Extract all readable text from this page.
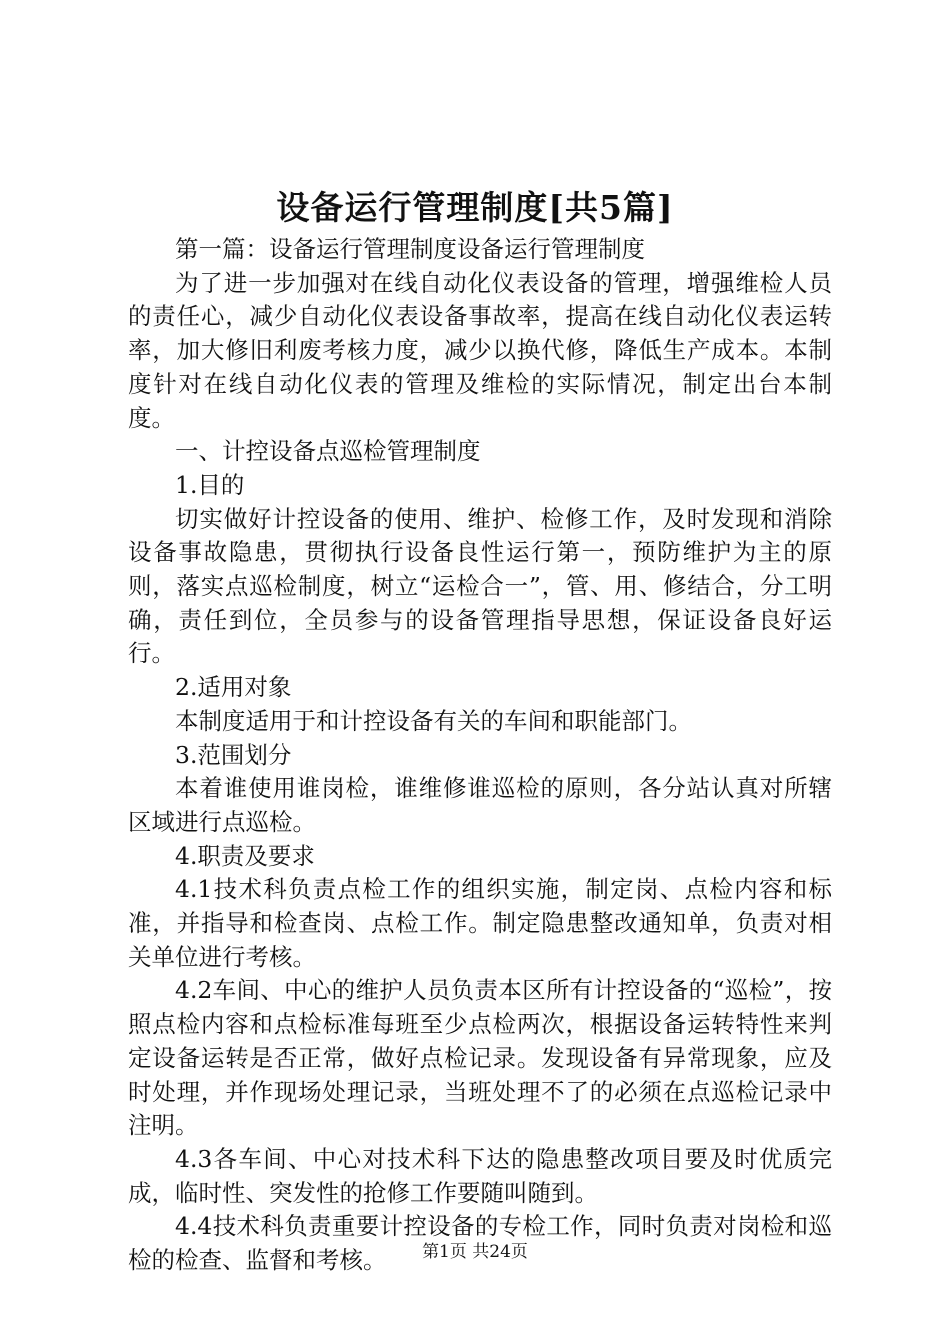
设备运行管理制度[共5篇]

第一篇：设备运行管理制度设备运行管理制度

为了进一步加强对在线自动化仪表设备的管理，增强维检人员的责任心，减少自动化仪表设备事故率，提高在线自动化仪表运转率，加大修旧利废考核力度，减少以换代修，降低生产成本。本制度针对在线自动化仪表的管理及维检的实际情况，制定出台本制度。

一、计控设备点巡检管理制度

1.目的

切实做好计控设备的使用、维护、检修工作，及时发现和消除设备事故隐患，贯彻执行设备良性运行第一，预防维护为主的原则，落实点巡检制度，树立“运检合一”，管、用、修结合，分工明确，责任到位，全员参与的设备管理指导思想，保证设备良好运行。

2.适用对象

本制度适用于和计控设备有关的车间和职能部门。

3.范围划分

本着谁使用谁岗检，谁维修谁巡检的原则，各分站认真对所辖区域进行点巡检。

4.职责及要求

4.1技术科负责点检工作的组织实施，制定岗、点检内容和标准，并指导和检查岗、点检工作。制定隐患整改通知单，负责对相关单位进行考核。

4.2车间、中心的维护人员负责本区所有计控设备的“巡检”，按照点检内容和点检标准每班至少点检两次，根据设备运转特性来判定设备运转是否正常，做好点检记录。发现设备有异常现象，应及时处理，并作现场处理记录，当班处理不了的必须在点巡检记录中注明。

4.3各车间、中心对技术科下达的隐患整改项目要及时优质完成，临时性、突发性的抢修工作要随叫随到。

4.4技术科负责重要计控设备的专检工作，同时负责对岗检和巡检的检查、监督和考核。	第1页 共24页
